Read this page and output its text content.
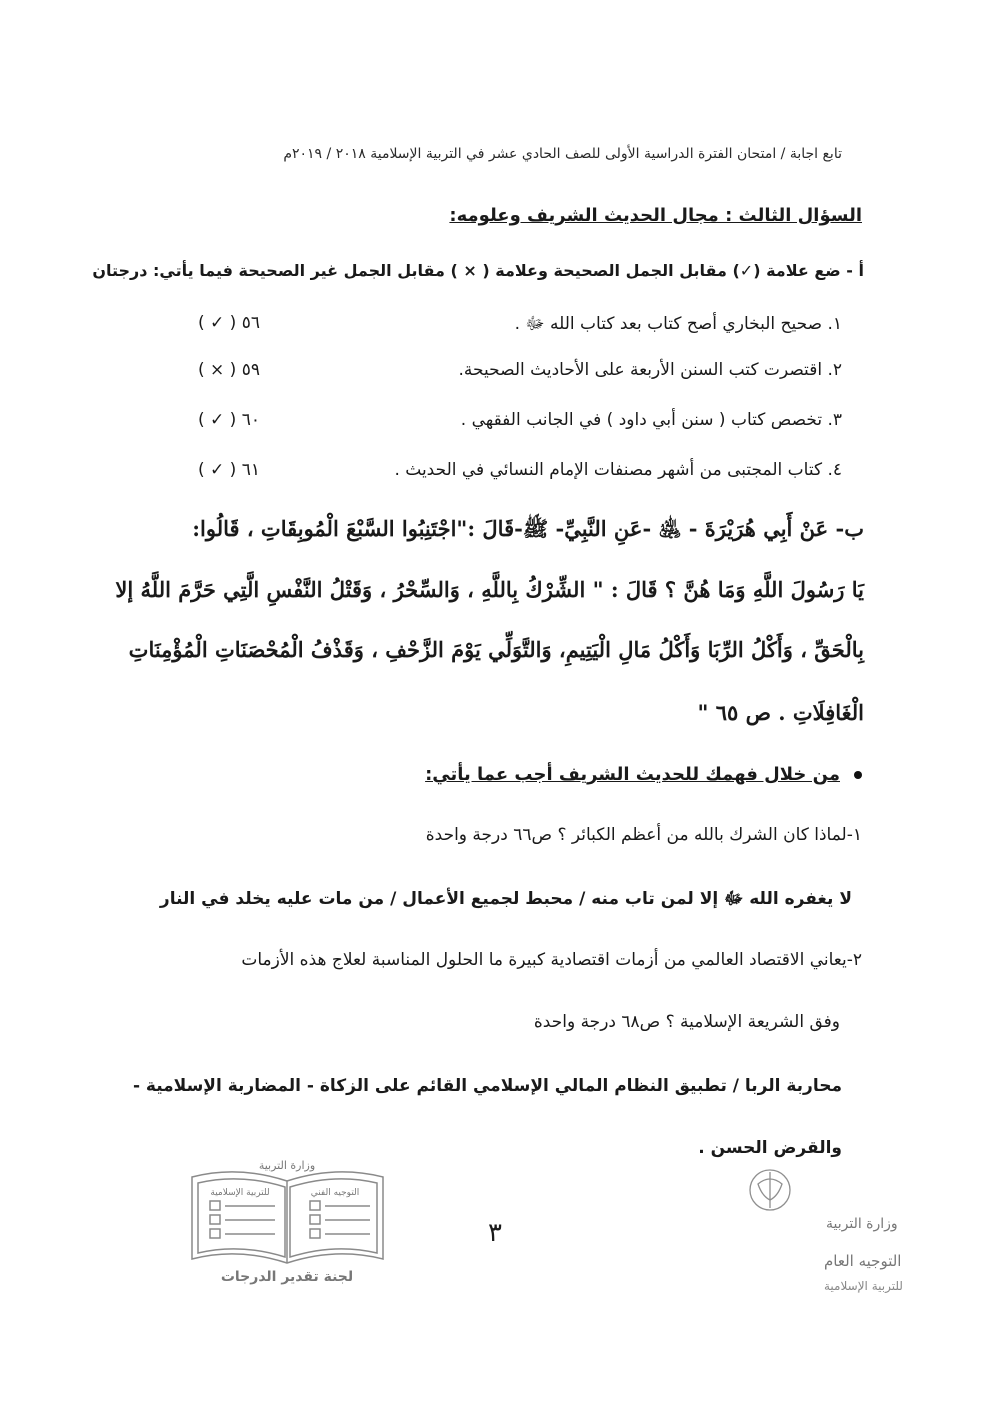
تابع اجابة / امتحان الفترة الدراسية الأولى للصف الحادي عشر في التربية الإسلامية ٢٠١٨ / ٢٠١٩م
السؤال الثالث : مجال الحديث الشريف وعلومه:
أ - ضع علامة (✓) مقابل الجمل الصحيحة وعلامة ( × ) مقابل الجمل غير الصحيحة فيما يأتي: درجتان
١. صحيح البخاري أصح كتاب بعد كتاب الله ﷻ .
( ✓ ) ٥٦
٢. اقتصرت كتب السنن الأربعة على الأحاديث الصحيحة.
( × ) ٥٩
٣. تخصص كتاب ( سنن أبي داود ) في الجانب الفقهي .
( ✓ ) ٦٠
٤. كتاب المجتبى من أشهر مصنفات الإمام النسائي في الحديث .
( ✓ ) ٦١
ب- عَنْ أَبِي هُرَيْرَةَ - ﵁ -عَنِ النَّبِيِّ- ﷺ-قَالَ :"اجْتَنِبُوا السَّبْعَ الْمُوبِقَاتِ ، قَالُوا:
يَا رَسُولَ اللَّهِ وَمَا هُنَّ ؟ قَالَ : " الشِّرْكُ بِاللَّهِ ، وَالسِّحْرُ ، وَقَتْلُ النَّفْسِ الَّتِي حَرَّمَ اللَّهُ إلا
بِالْحَقِّ ، وَأَكْلُ الرِّبَا وَأَكْلُ مَالِ الْيَتِيمِ، وَالتَّوَلِّي يَوْمَ الزَّحْفِ ، وَقَذْفُ الْمُحْصَنَاتِ الْمُؤْمِنَاتِ
الْغَافِلَاتِ . ص ٦٥ "
من خلال فهمك للحديث الشريف أجب عما يأتي:
١-لماذا كان الشرك بالله من أعظم الكبائر ؟ ص٦٦ درجة واحدة
لا يغفره الله ﷻ إلا لمن تاب منه / محبط لجميع الأعمال / من مات عليه يخلد في النار
٢-يعاني الاقتصاد العالمي من أزمات اقتصادية كبيرة ما الحلول المناسبة لعلاج هذه الأزمات
وفق الشريعة الإسلامية ؟ ص٦٨ درجة واحدة
محاربة الربا / تطبيق النظام المالي الإسلامي القائم على الزكاة - المضاربة الإسلامية -
والقرض الحسن .
٣
وزارة التربية
التوجيه الفني
للتربية الإسلامية
لجنة تقدير الدرجات
وزارة التربية
التوجيه العام
للتربية الإسلامية
